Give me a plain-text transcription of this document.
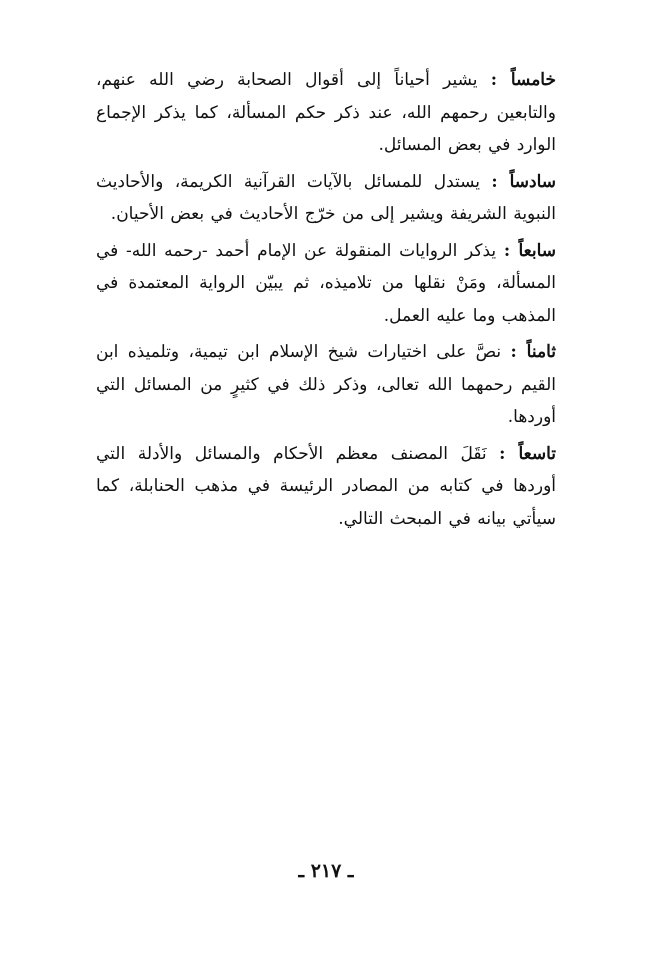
خامساً : يشير أحياناً إلى أقوال الصحابة رضي الله عنهم، والتابعين رحمهم الله، عند ذكر حكم المسألة، كما يذكر الإجماع الوارد في بعض المسائل.

سادساً : يستدل للمسائل بالآيات القرآنية الكريمة، والأحاديث النبوية الشريفة ويشير إلى من خرّج الأحاديث في بعض الأحيان.

سابعاً : يذكر الروايات المنقولة عن الإمام أحمد -رحمه الله- في المسألة، ومَنْ نقلها من تلاميذه، ثم يبيّن الرواية المعتمدة في المذهب وما عليه العمل.

ثامناً : نصَّ على اختيارات شيخ الإسلام ابن تيمية، وتلميذه ابن القيم رحمهما الله تعالى، وذكر ذلك في كثيرٍ من المسائل التي أوردها.

تاسعاً : نَقَلَ المصنف معظم الأحكام والمسائل والأدلة التي أوردها في كتابه من المصادر الرئيسة في مذهب الحنابلة، كما سيأتي بيانه في المبحث التالي.

ـ ٢١٧ ـ
